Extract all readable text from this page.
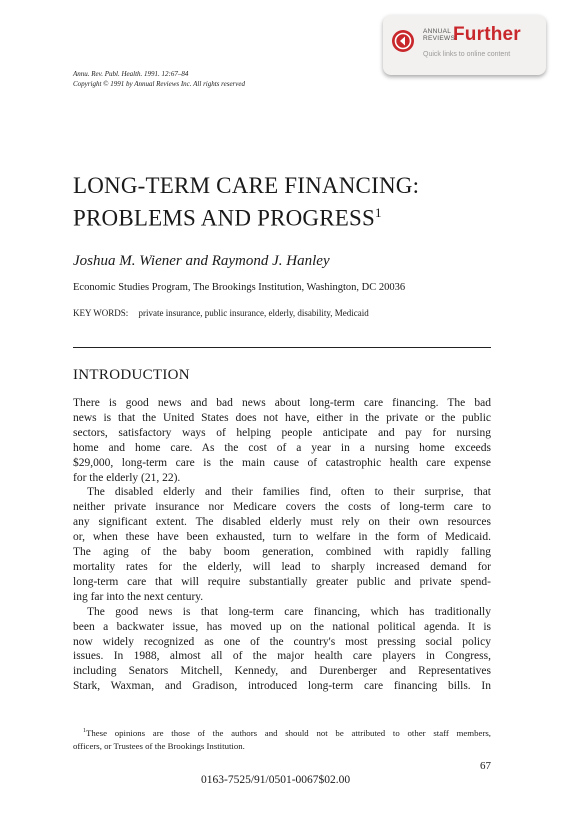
ANNUAL
REVIEWS
Further
Quick links to online content
Annu. Rev. Publ. Health. 1991. 12:67–84
Copyright © 1991 by Annual Reviews Inc. All rights reserved
LONG-TERM CARE FINANCING:
PROBLEMS AND PROGRESS$^1$
Joshua M. Wiener and Raymond J. Hanley
Economic Studies Program, The Brookings Institution, Washington, DC 20036
KEY WORDS: private insurance, public insurance, elderly, disability, Medicaid
INTRODUCTION
There is good news and bad news about long-term care financing. The bad
news is that the United States does not have, either in the private or the public
sectors, satisfactory ways of helping people anticipate and pay for nursing
home and home care. As the cost of a year in a nursing home exceeds
$29,000, long-term care is the main cause of catastrophic health care expense
for the elderly (21, 22).
The disabled elderly and their families find, often to their surprise, that
neither private insurance nor Medicare covers the costs of long-term care to
any significant extent. The disabled elderly must rely on their own resources
or, when these have been exhausted, turn to welfare in the form of Medicaid.
The aging of the baby boom generation, combined with rapidly falling
mortality rates for the elderly, will lead to sharply increased demand for
long-term care that will require substantially greater public and private spend-
ing far into the next century.
The good news is that long-term care financing, which has traditionally
been a backwater issue, has moved up on the national political agenda. It is
now widely recognized as one of the country's most pressing social policy
issues. In 1988, almost all of the major health care players in Congress,
including Senators Mitchell, Kennedy, and Durenberger and Representatives
Stark, Waxman, and Gradison, introduced long-term care financing bills. In
$^1$These opinions are those of the authors and should not be attributed to other staff members,
officers, or Trustees of the Brookings Institution.
67
0163-7525/91/0501-0067$02.00
